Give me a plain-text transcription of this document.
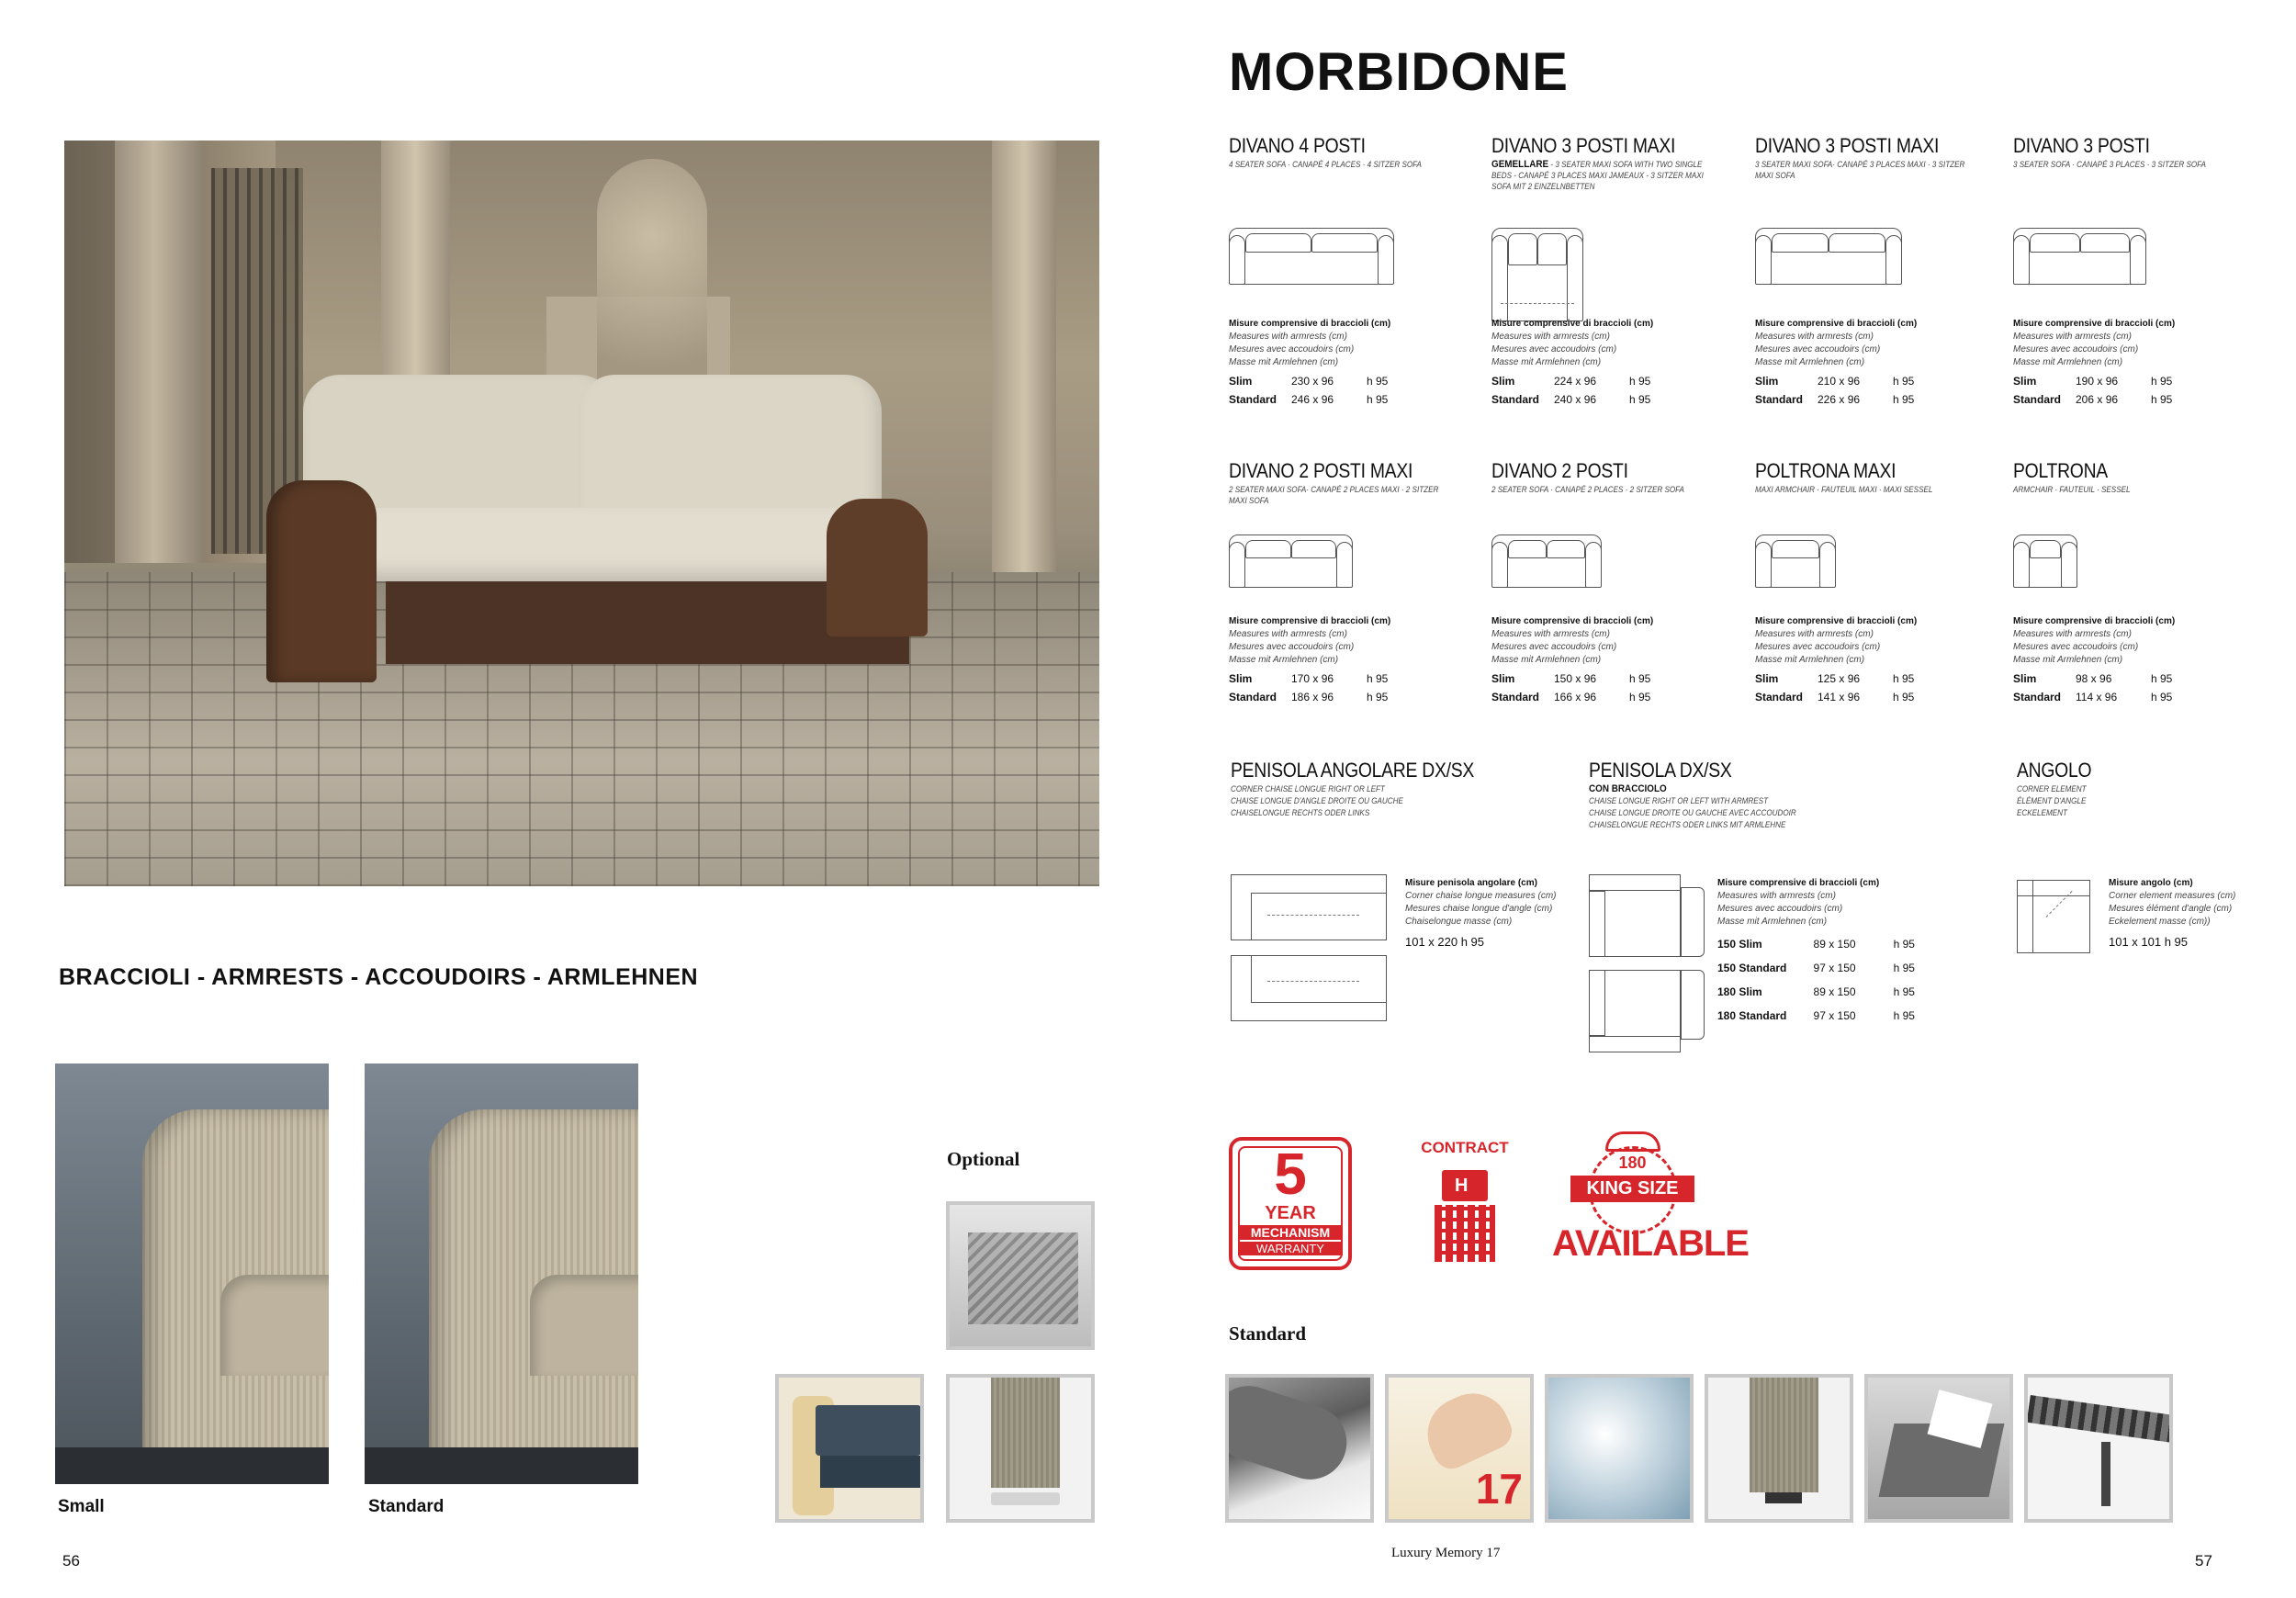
BRACCIOLI - ARMRESTS - ACCOUDOIRS - ARMLEHNEN
Small	Standard
Optional
56
MORBIDONE
DIVANO 4 POSTI
4 SEATER SOFA · CANAPÉ 4 PLACES · 4 SITZER SOFA
Misure comprensive di braccioli (cm)
Measures with armrests (cm)
Mesures avec accoudoirs (cm)
Masse mit Armlehnen (cm)
Slim	230 x 96	h 95
Standard	246 x 96	h 95
DIVANO 3 POSTI MAXI
GEMELLARE - 3 SEATER MAXI SOFA WITH TWO SINGLE BEDS - CANAPÉ 3 PLACES MAXI JAMEAUX - 3 SITZER MAXI SOFA MIT 2 EINZELNBETTEN
Misure comprensive di braccioli (cm)
Measures with armrests (cm)
Mesures avec accoudoirs (cm)
Masse mit Armlehnen (cm)
Slim	224 x 96	h 95
Standard	240 x 96	h 95
DIVANO 3 POSTI MAXI
3 SEATER MAXI SOFA· CANAPÉ 3 PLACES MAXI · 3 SITZER MAXI SOFA
Misure comprensive di braccioli (cm)
Measures with armrests (cm)
Mesures avec accoudoirs (cm)
Masse mit Armlehnen (cm)
Slim	210 x 96	h 95
Standard	226 x 96	h 95
DIVANO 3 POSTI
3 SEATER SOFA · CANAPÉ 3 PLACES · 3 SITZER SOFA
Misure comprensive di braccioli (cm)
Measures with armrests (cm)
Mesures avec accoudoirs (cm)
Masse mit Armlehnen (cm)
Slim	190 x 96	h 95
Standard	206 x 96	h 95
DIVANO 2 POSTI MAXI
2 SEATER MAXI SOFA· CANAPÉ 2 PLACES MAXI · 2 SITZER MAXI SOFA
Misure comprensive di braccioli (cm)
Measures with armrests (cm)
Mesures avec accoudoirs (cm)
Masse mit Armlehnen (cm)
Slim	170 x 96	h 95
Standard	186 x 96	h 95
DIVANO 2 POSTI
2 SEATER SOFA · CANAPÉ 2 PLACES · 2 SITZER SOFA
Misure comprensive di braccioli (cm)
Measures with armrests (cm)
Mesures avec accoudoirs (cm)
Masse mit Armlehnen (cm)
Slim	150 x 96	h 95
Standard	166 x 96	h 95
POLTRONA MAXI
MAXI ARMCHAIR · FAUTEUIL MAXI · MAXI SESSEL
Misure comprensive di braccioli (cm)
Measures with armrests (cm)
Mesures avec accoudoirs (cm)
Masse mit Armlehnen (cm)
Slim	125 x 96	h 95
Standard	141 x 96	h 95
POLTRONA
ARMCHAIR · FAUTEUIL · SESSEL
Misure comprensive di braccioli (cm)
Measures with armrests (cm)
Mesures avec accoudoirs (cm)
Masse mit Armlehnen (cm)
Slim	98 x 96	h 95
Standard	114 x 96	h 95
PENISOLA ANGOLARE DX/SX
CORNER CHAISE LONGUE RIGHT OR LEFT
CHAISE LONGUE D'ANGLE DROITE OU GAUCHE
CHAISELONGUE RECHTS ODER LINKS
Misure penisola angolare (cm)
Corner chaise longue measures (cm)
Mesures chaise longue d'angle (cm)
Chaiselongue masse (cm)
101 x 220 h 95
PENISOLA DX/SX
CON BRACCIOLO
CHAISE LONGUE RIGHT OR LEFT WITH ARMREST
CHAISE LONGUE DROITE OU GAUCHE AVEC ACCOUDOIR
CHAISELONGUE RECHTS ODER LINKS MIT ARMLEHNE
Misure comprensive di braccioli (cm)
Measures with armrests (cm)
Mesures avec accoudoirs (cm)
Masse mit Armlehnen (cm)
150 Slim	89 x 150	h 95
150 Standard	97 x 150	h 95
180 Slim	89 x 150	h 95
180 Standard	97 x 150	h 95
ANGOLO
CORNER ELEMENT
ÉLÉMENT D'ANGLE
ECKELEMENT
Misure angolo (cm)
Corner element measures (cm)
Mesures élément d'angle (cm)
Eckelement masse (cm))
101 x 101 h 95
5
YEAR
MECHANISM
WARRANTY
CONTRACT
H
180
KING SIZE
AVAILABLE
Standard
17
Luxury Memory 17	57
